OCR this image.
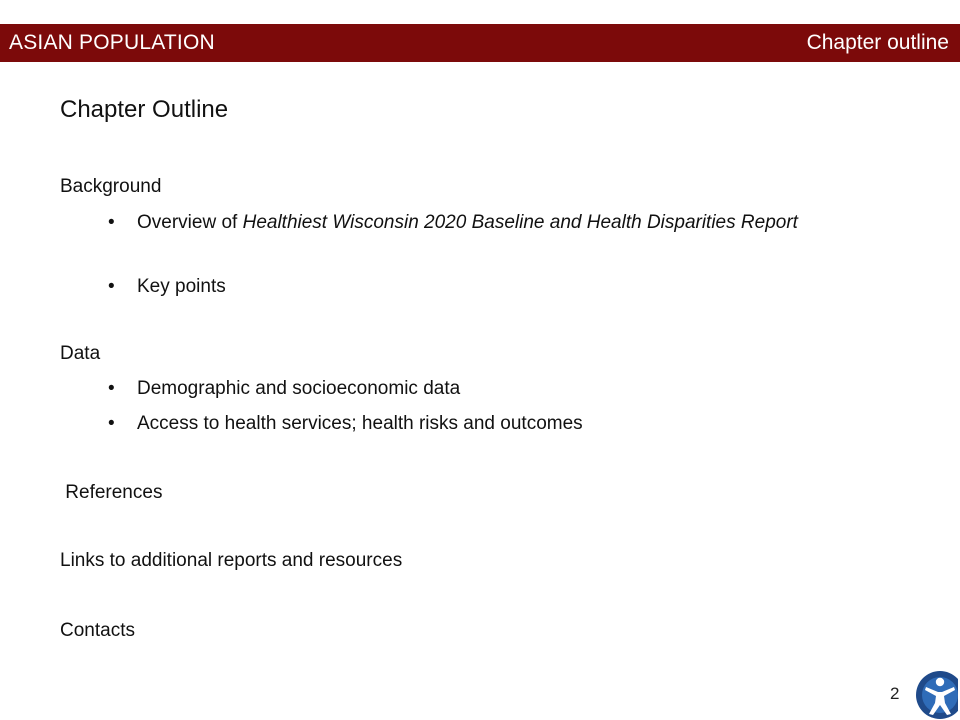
ASIAN POPULATION	Chapter outline
Chapter Outline
Background
• Overview of Healthiest Wisconsin 2020 Baseline and Health Disparities Report
• Key points
Data
• Demographic and socioeconomic data
• Access to health services; health risks and outcomes
References
Links to additional reports and resources
Contacts
2
